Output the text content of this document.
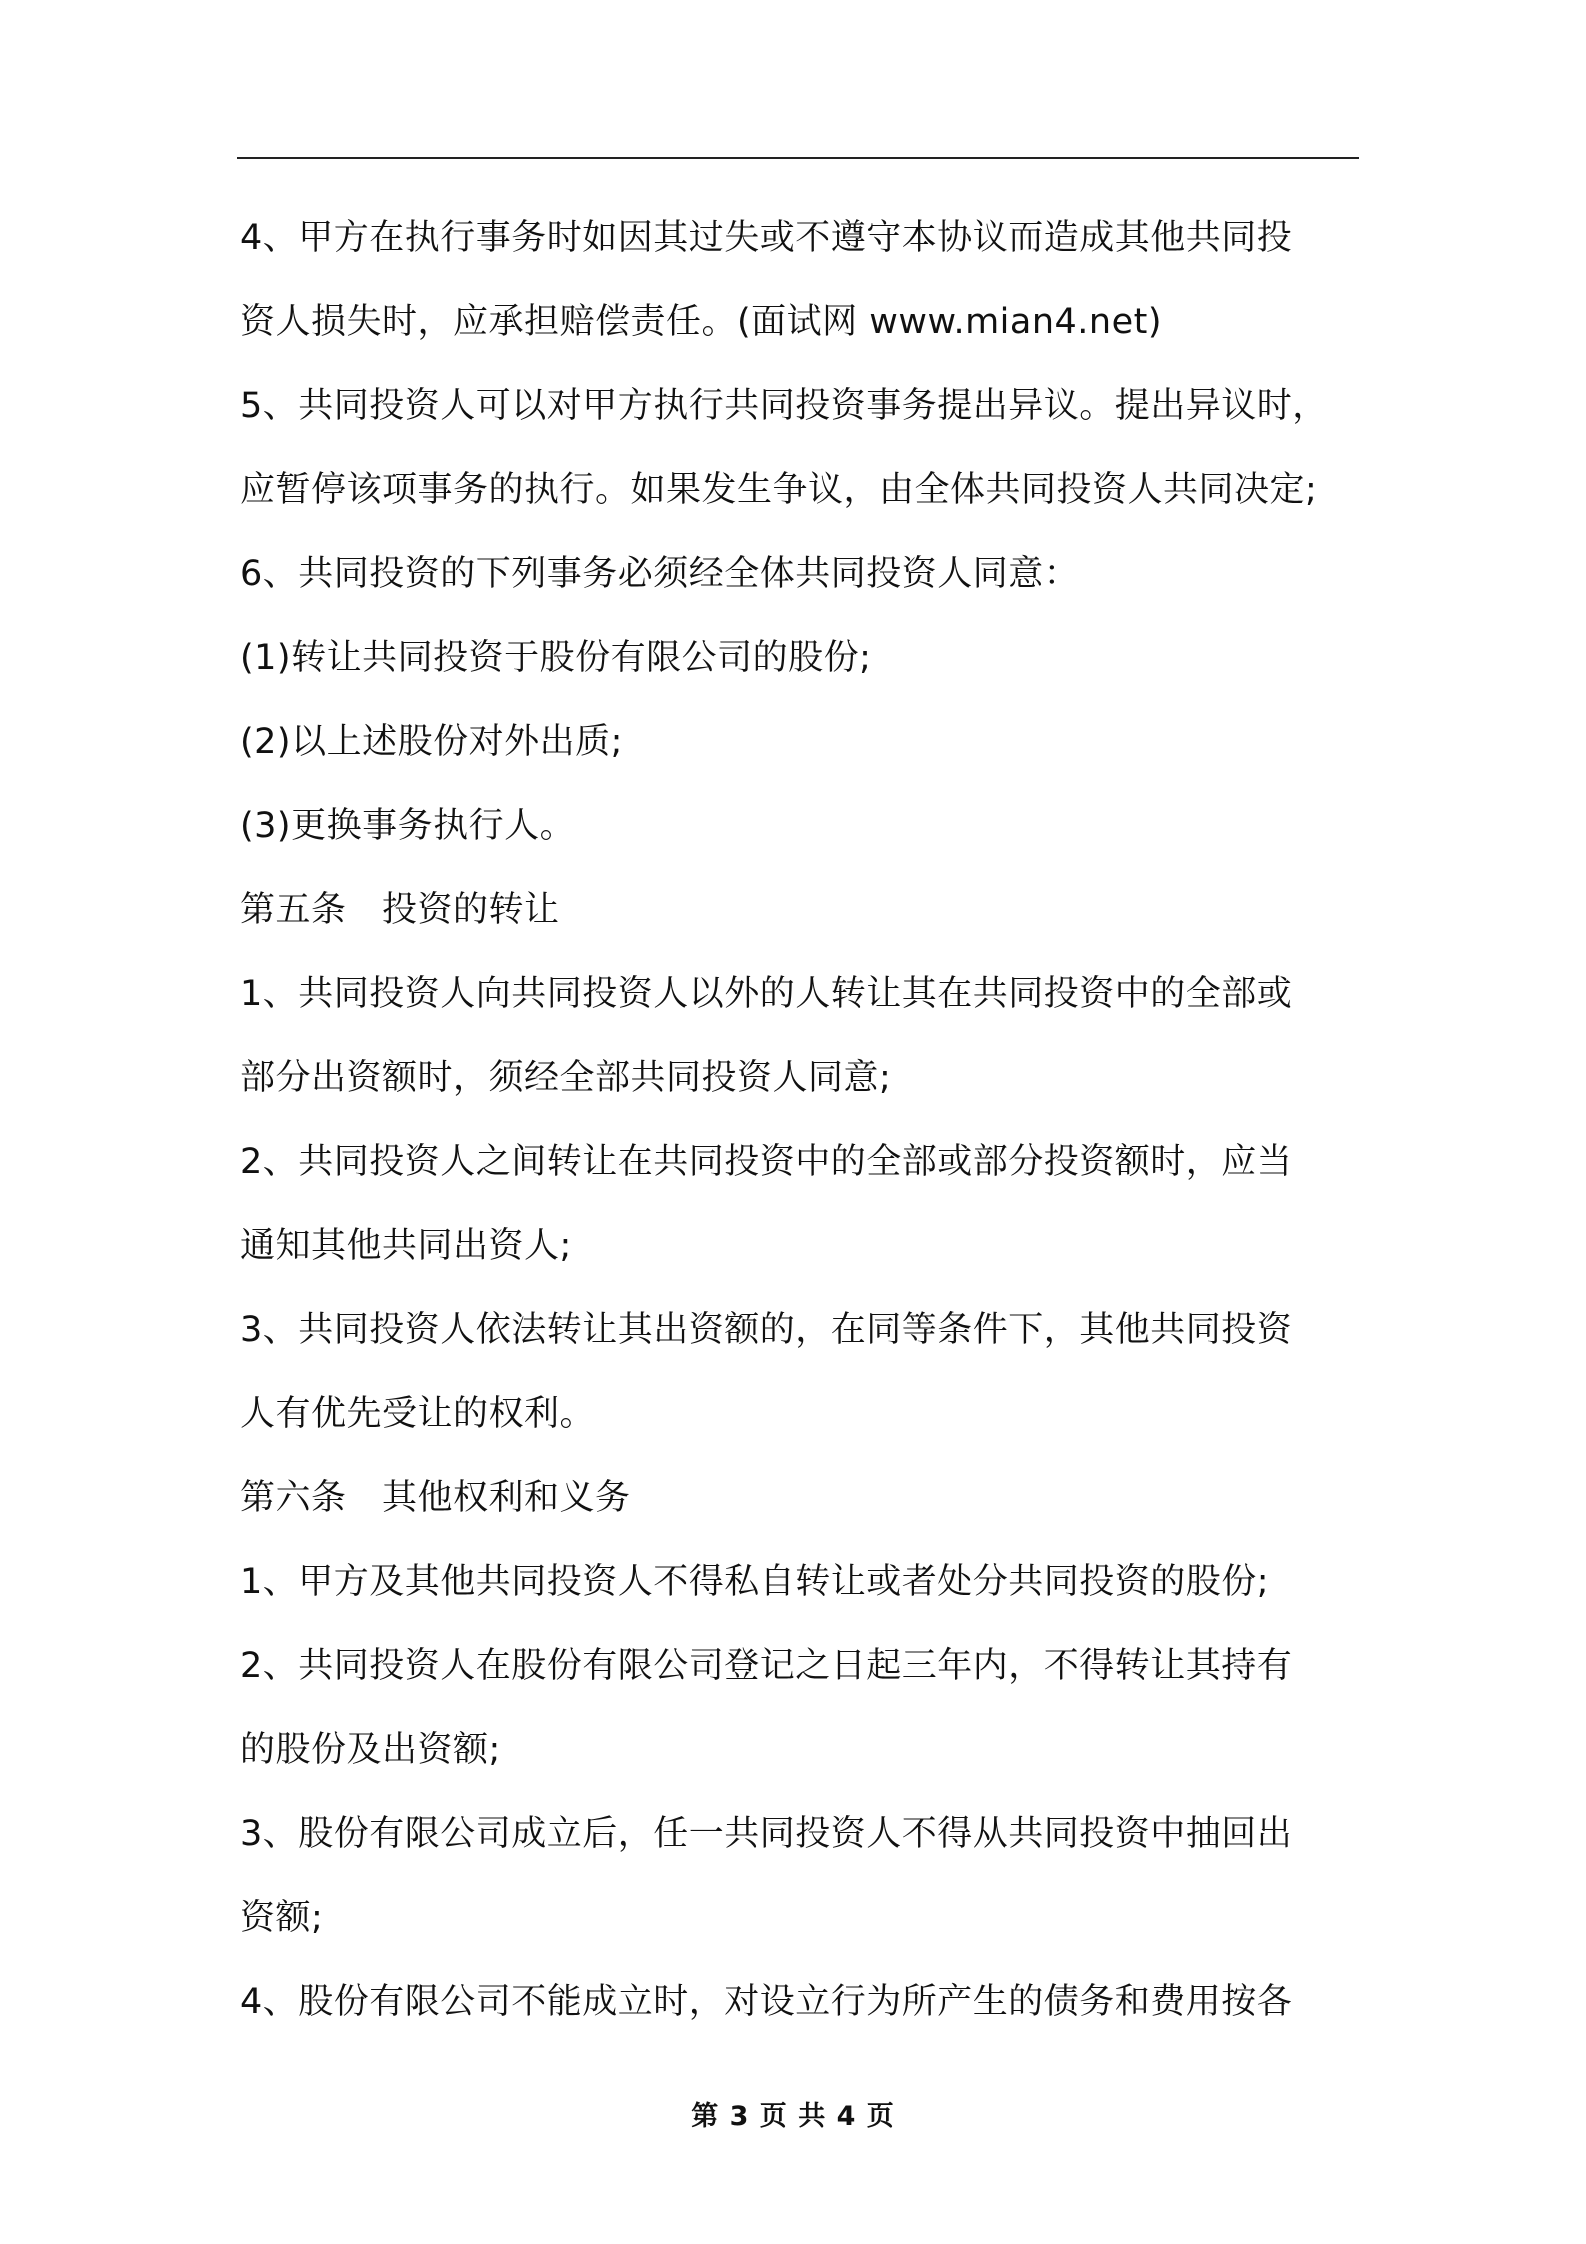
4、甲方在执行事务时如因其过失或不遵守本协议而造成其他共同投
资人损失时，应承担赔偿责任。(面试网 www.mian4.net)
5、共同投资人可以对甲方执行共同投资事务提出异议。提出异议时，
应暂停该项事务的执行。如果发生争议，由全体共同投资人共同决定;
6、共同投资的下列事务必须经全体共同投资人同意：
(1)转让共同投资于股份有限公司的股份;
(2)以上述股份对外出质;
(3)更换事务执行人。
第五条　投资的转让
1、共同投资人向共同投资人以外的人转让其在共同投资中的全部或
部分出资额时，须经全部共同投资人同意;
2、共同投资人之间转让在共同投资中的全部或部分投资额时，应当
通知其他共同出资人;
3、共同投资人依法转让其出资额的，在同等条件下，其他共同投资
人有优先受让的权利。
第六条　其他权利和义务
1、甲方及其他共同投资人不得私自转让或者处分共同投资的股份;
2、共同投资人在股份有限公司登记之日起三年内，不得转让其持有
的股份及出资额;
3、股份有限公司成立后，任一共同投资人不得从共同投资中抽回出
资额;
4、股份有限公司不能成立时，对设立行为所产生的债务和费用按各
第 3 页 共 4 页
